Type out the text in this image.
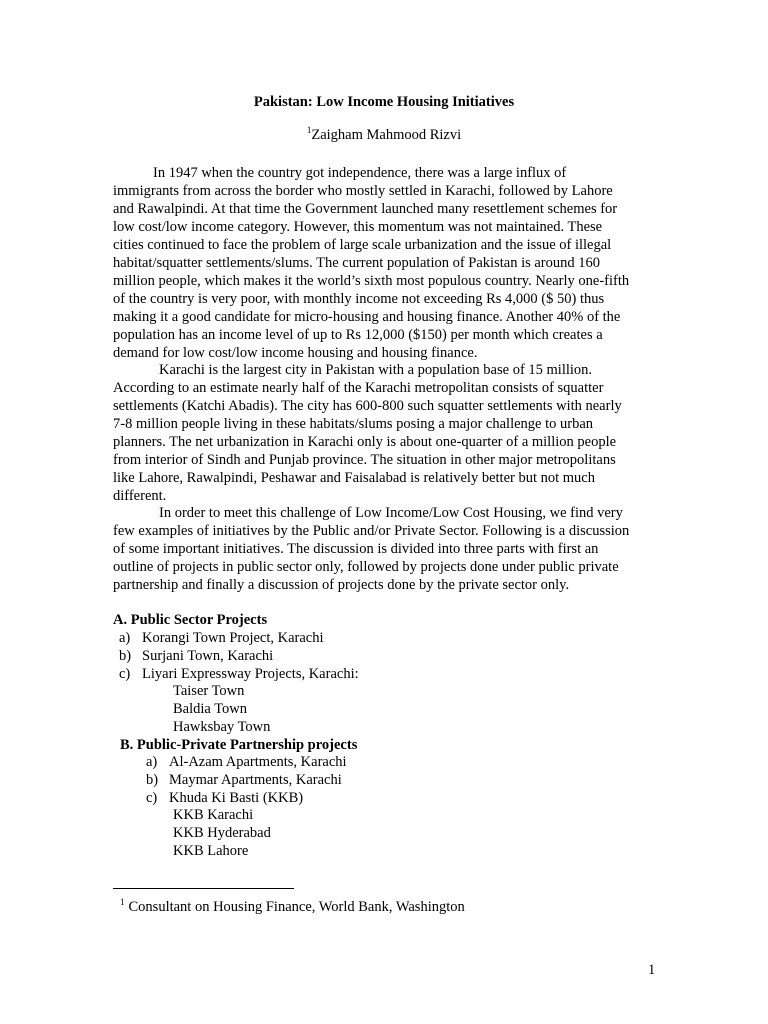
Pakistan: Low Income Housing Initiatives
$^1$Zaigham Mahmood Rizvi
In 1947 when the country got independence, there was a large influx of
immigrants from across the border who mostly settled in Karachi, followed by Lahore
and Rawalpindi. At that time the Government launched many resettlement schemes for
low cost/low income category. However, this momentum was not maintained. These
cities continued to face the problem of large scale urbanization and the issue of illegal
habitat/squatter settlements/slums. The current population of Pakistan is around 160
million people, which makes it the world’s sixth most populous country. Nearly one-fifth
of the country is very poor, with monthly income not exceeding Rs 4,000 ($ 50) thus
making it a good candidate for micro-housing and housing finance. Another 40% of the
population has an income level of up to Rs 12,000 ($150) per month which creates a
demand for low cost/low income housing and housing finance.
Karachi is the largest city in Pakistan with a population base of 15 million.
According to an estimate nearly half of the Karachi metropolitan consists of squatter
settlements (Katchi Abadis). The city has 600-800 such squatter settlements with nearly
7-8 million people living in these habitats/slums posing a major challenge to urban
planners. The net urbanization in Karachi only is about one-quarter of a million people
from interior of Sindh and Punjab province. The situation in other major metropolitans
like Lahore, Rawalpindi, Peshawar and Faisalabad is relatively better but not much
different.
In order to meet this challenge of Low Income/Low Cost Housing, we find very
few examples of initiatives by the Public and/or Private Sector. Following is a discussion
of some important initiatives. The discussion is divided into three parts with first an
outline of projects in public sector only, followed by projects done under public private
partnership and finally a discussion of projects done by the private sector only.
A. Public Sector Projects
a) Korangi Town Project, Karachi
b) Surjani Town, Karachi
c) Liyari Expressway Projects, Karachi:
Taiser Town
Baldia Town
Hawksbay Town
B. Public-Private Partnership projects
a) Al-Azam Apartments, Karachi
b) Maymar Apartments, Karachi
c) Khuda Ki Basti (KKB)
KKB Karachi
KKB Hyderabad
KKB Lahore
$^1$ Consultant on Housing Finance, World Bank, Washington
1
